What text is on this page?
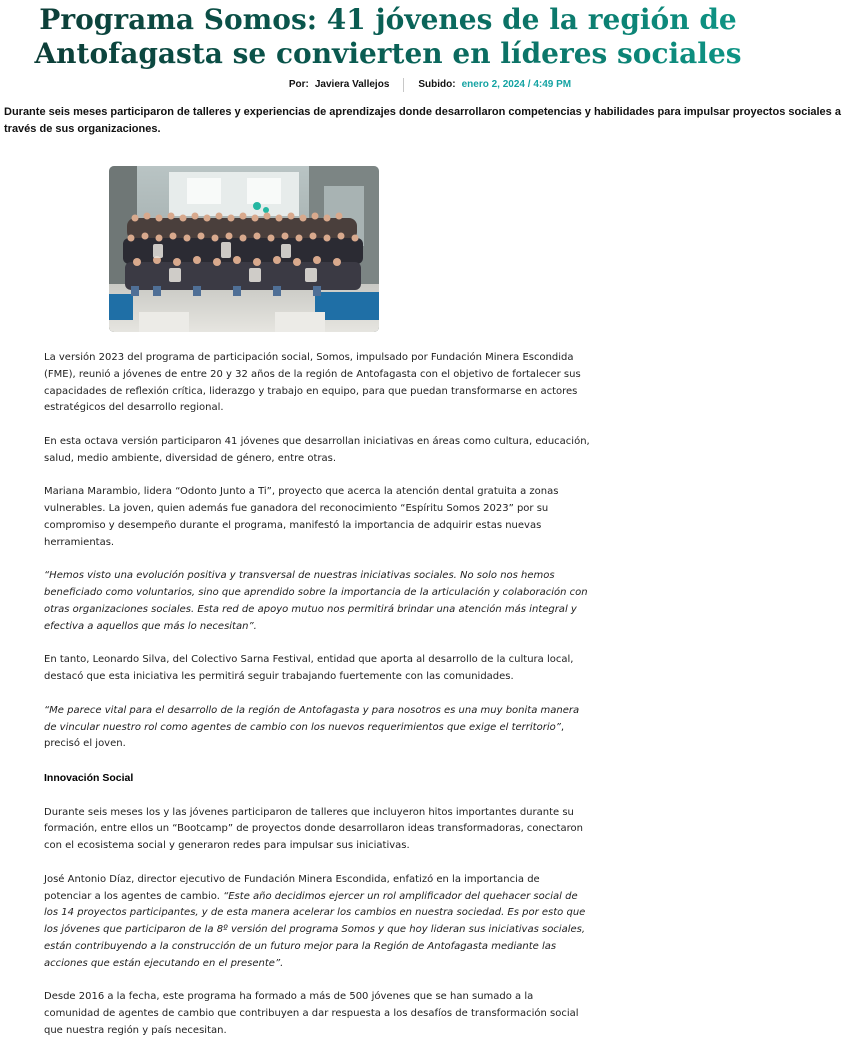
Programa Somos: 41 jóvenes de la región de Antofagasta se convierten en líderes sociales
Por: Javiera Vallejos	Subido: enero 2, 2024 / 4:49 PM

Durante seis meses participaron de talleres y experiencias de aprendizajes donde desarrollaron competencias y habilidades para impulsar proyectos sociales a través de sus organizaciones.

La versión 2023 del programa de participación social, Somos, impulsado por Fundación Minera Escondida (FME), reunió a jóvenes de entre 20 y 32 años de la región de Antofagasta con el objetivo de fortalecer sus capacidades de reflexión crítica, liderazgo y trabajo en equipo, para que puedan transformarse en actores estratégicos del desarrollo regional.

En esta octava versión participaron 41 jóvenes que desarrollan iniciativas en áreas como cultura, educación, salud, medio ambiente, diversidad de género, entre otras.

Mariana Marambio, lidera “Odonto Junto a Ti”, proyecto que acerca la atención dental gratuita a zonas vulnerables. La joven, quien además fue ganadora del reconocimiento “Espíritu Somos 2023” por su compromiso y desempeño durante el programa, manifestó la importancia de adquirir estas nuevas herramientas.

“Hemos visto una evolución positiva y transversal de nuestras iniciativas sociales. No solo nos hemos beneficiado como voluntarios, sino que aprendido sobre la importancia de la articulación y colaboración con otras organizaciones sociales. Esta red de apoyo mutuo nos permitirá brindar una atención más integral y efectiva a aquellos que más lo necesitan”.

En tanto, Leonardo Silva, del Colectivo Sarna Festival, entidad que aporta al desarrollo de la cultura local, destacó que esta iniciativa les permitirá seguir trabajando fuertemente con las comunidades.

“Me parece vital para el desarrollo de la región de Antofagasta y para nosotros es una muy bonita manera de vincular nuestro rol como agentes de cambio con los nuevos requerimientos que exige el territorio”, precisó el joven.

Innovación Social

Durante seis meses los y las jóvenes participaron de talleres que incluyeron hitos importantes durante su formación, entre ellos un “Bootcamp” de proyectos donde desarrollaron ideas transformadoras, conectaron con el ecosistema social y generaron redes para impulsar sus iniciativas.

José Antonio Díaz, director ejecutivo de Fundación Minera Escondida, enfatizó en la importancia de potenciar a los agentes de cambio. “Este año decidimos ejercer un rol amplificador del quehacer social de los 14 proyectos participantes, y de esta manera acelerar los cambios en nuestra sociedad. Es por esto que los jóvenes que participaron de la 8º versión del programa Somos y que hoy lideran sus iniciativas sociales, están contribuyendo a la construcción de un futuro mejor para la Región de Antofagasta mediante las acciones que están ejecutando en el presente”.

Desde 2016 a la fecha, este programa ha formado a más de 500 jóvenes que se han sumado a la comunidad de agentes de cambio que contribuyen a dar respuesta a los desafíos de transformación social que nuestra región y país necesitan.
